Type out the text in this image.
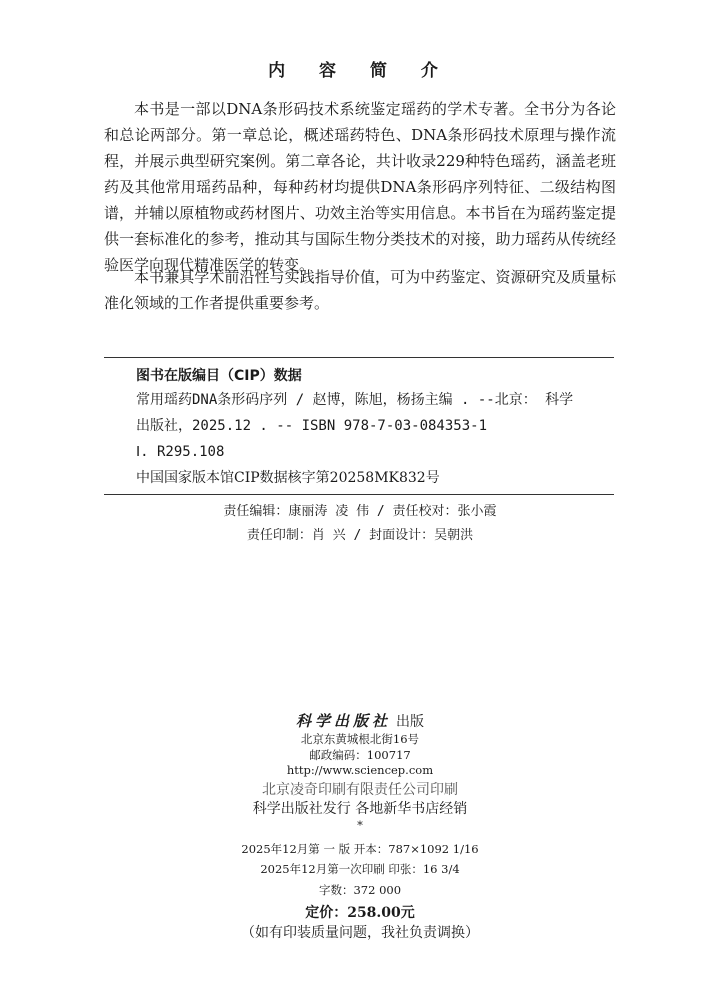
内 容 简 介

本书是一部以DNA条形码技术系统鉴定瑶药的学术专著。全书分为各论和总论两部分。第一章总论，概述瑶药特色、DNA条形码技术原理与操作流程，并展示典型研究案例。第二章各论，共计收录229种特色瑶药，涵盖老班药及其他常用瑶药品种，每种药材均提供DNA条形码序列特征、二级结构图谱，并辅以原植物或药材图片、功效主治等实用信息。本书旨在为瑶药鉴定提供一套标准化的参考，推动其与国际生物分类技术的对接，助力瑶药从传统经验医学向现代精准医学的转变。

本书兼具学术前沿性与实践指导价值，可为中药鉴定、资源研究及质量标准化领域的工作者提供重要参考。

图书在版编目（CIP）数据
常用瑶药DNA条形码序列 / 赵博，陈旭，杨扬主编 . --北京： 科学
出版社，2025.12 . -- ISBN 978-7-03-084353-1
Ⅰ. R295.108
中国国家版本馆CIP数据核字第20258MK832号
责任编辑：康丽涛 凌 伟 / 责任校对：张小霞
责任印制：肖 兴 / 封面设计：吴朝洪
科学出版社 出版
北京东黄城根北街16号
邮政编码：100717
http://www.sciencep.com
北京凌奇印刷有限责任公司印刷
科学出版社发行 各地新华书店经销
*
2025年12月第 一 版 开本：787×1092 1/16
2025年12月第一次印刷 印张：16 3/4
字数：372 000
定价：258.00元
（如有印装质量问题，我社负责调换）
